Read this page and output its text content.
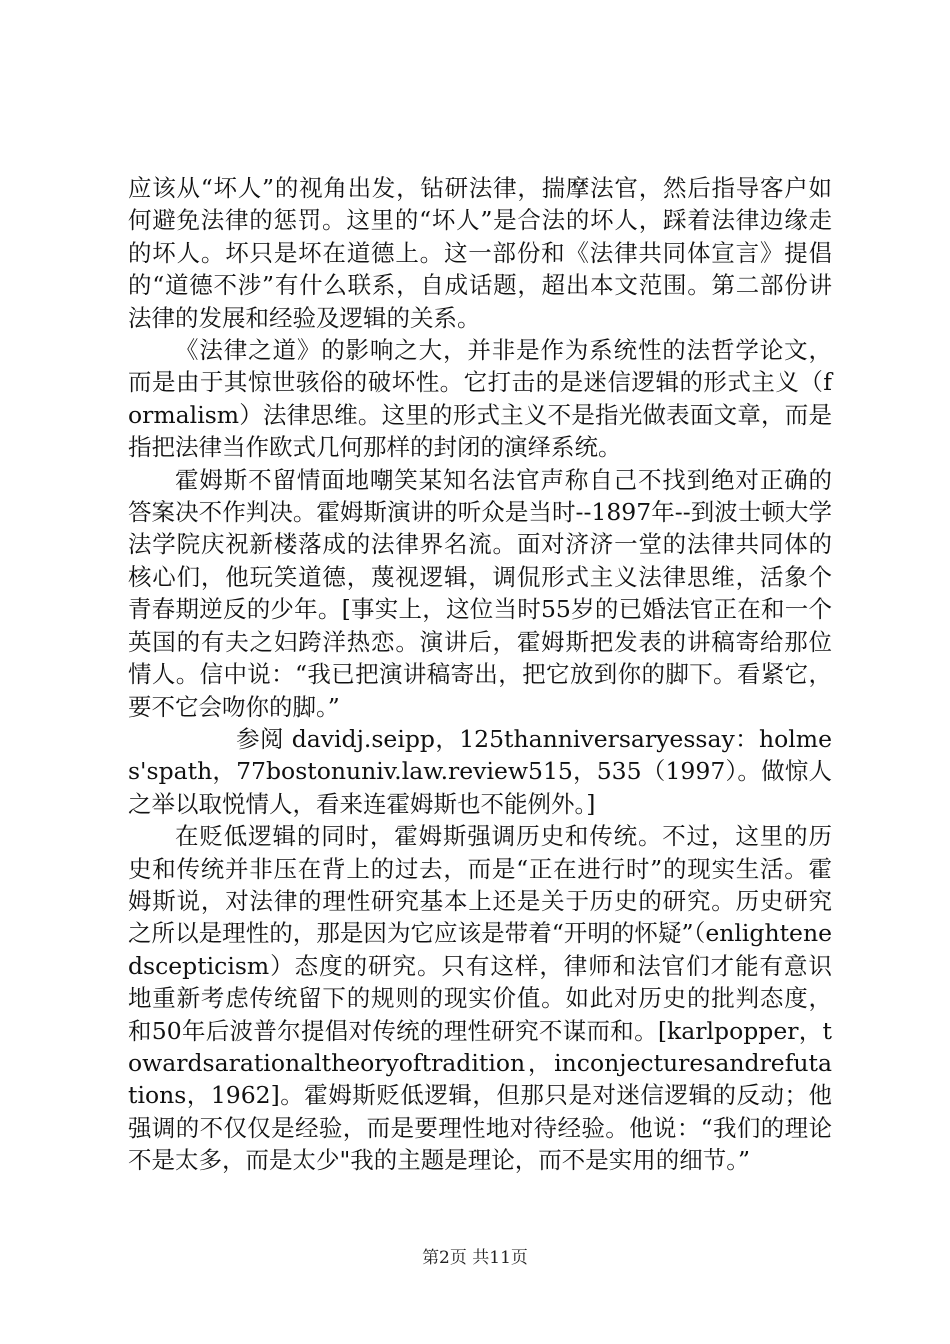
应该从“坏人”的视角出发，钻研法律，揣摩法官，然后指导客户如何避免法律的惩罚。这里的“坏人”是合法的坏人，踩着法律边缘走的坏人。坏只是坏在道德上。这一部份和《法律共同体宣言》提倡的“道德不涉”有什么联系，自成话题，超出本文范围。第二部份讲法律的发展和经验及逻辑的关系。

《法律之道》的影响之大，并非是作为系统性的法哲学论文，而是由于其惊世骇俗的破坏性。它打击的是迷信逻辑的形式主义（formalism）法律思维。这里的形式主义不是指光做表面文章，而是指把法律当作欧式几何那样的封闭的演绎系统。

霍姆斯不留情面地嘲笑某知名法官声称自己不找到绝对正确的答案决不作判决。霍姆斯演讲的听众是当时--1897年--到波士顿大学法学院庆祝新楼落成的法律界名流。面对济济一堂的法律共同体的核心们，他玩笑道德，蔑视逻辑，调侃形式主义法律思维，活象个青春期逆反的少年。[事实上，这位当时55岁的已婚法官正在和一个英国的有夫之妇跨洋热恋。演讲后，霍姆斯把发表的讲稿寄给那位情人。信中说：“我已把演讲稿寄出，把它放到你的脚下。看紧它，要不它会吻你的脚。”

参阅 davidj.seipp，125thanniversaryessay：holmes'spath，77bostonuniv.law.review515，535（1997）。做惊人之举以取悦情人，看来连霍姆斯也不能例外。]

在贬低逻辑的同时，霍姆斯强调历史和传统。不过，这里的历史和传统并非压在背上的过去，而是“正在进行时”的现实生活。霍姆斯说，对法律的理性研究基本上还是关于历史的研究。历史研究之所以是理性的，那是因为它应该是带着“开明的怀疑”（enlightenedscepticism）态度的研究。只有这样，律师和法官们才能有意识地重新考虑传统留下的规则的现实价值。如此对历史的批判态度，和50年后波普尔提倡对传统的理性研究不谋而和。[karlpopper，towardsarationaltheoryoftradition，inconjecturesandrefutations，1962]。霍姆斯贬低逻辑，但那只是对迷信逻辑的反动；他强调的不仅仅是经验，而是要理性地对待经验。他说：“我们的理论不是太多，而是太少"我的主题是理论，而不是实用的细节。”

第2页 共11页
